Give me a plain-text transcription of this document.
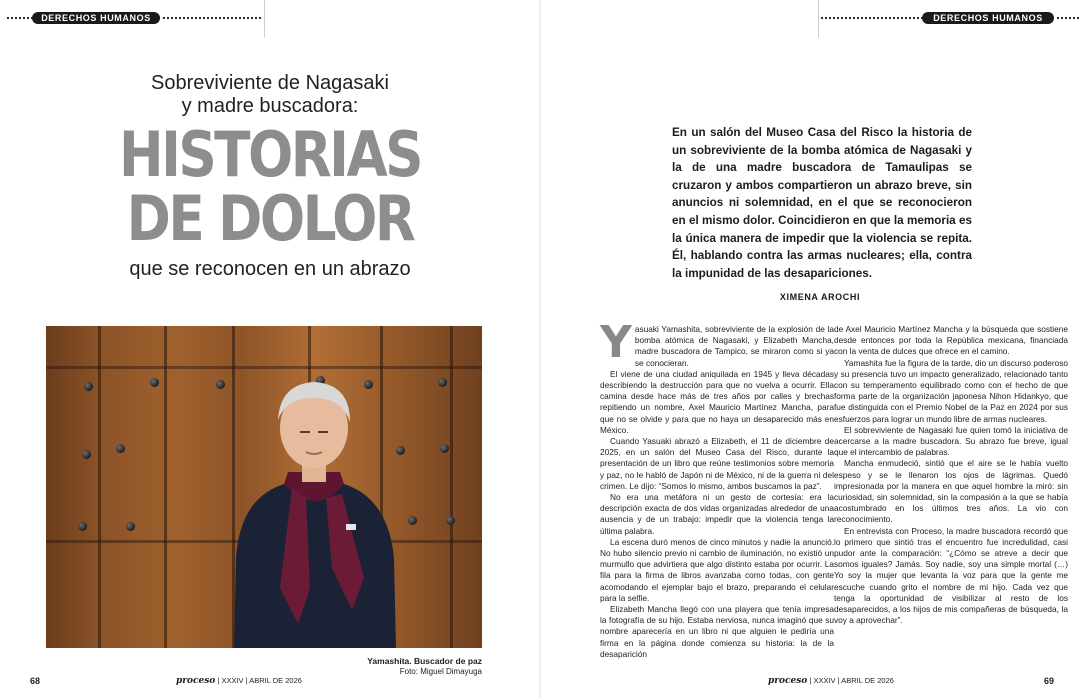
DERECHOS HUMANOS
Sobreviviente de Nagasaki
y madre buscadora:
HISTORIAS
DE DOLOR
que se reconocen en un abrazo
Yamashita. Buscador de paz
Foto: Miguel Dimayuga
68	proceso | XXXIV | ABRIL DE 2026
DERECHOS HUMANOS
En un salón del Museo Casa del Risco la historia de un sobreviviente de la bomba atómica de Nagasaki y la de una madre buscadora de Tamaulipas se cruzaron y ambos compartieron un abrazo breve, sin anuncios ni solemnidad, en el que se reconocieron en el mismo dolor. Coincidieron en que la memoria es la única manera de impedir que la violencia se repita. Él, hablando contra las armas nucleares; ella, contra la impunidad de las desapariciones.
XIMENA AROCHI

Yasuaki Yamashita, sobreviviente de la explosión de la bomba atómica de Nagasaki, y Elizabeth Mancha, madre buscadora de Tampico, se miraron como si ya se conocieran.

El viene de una ciudad aniquilada en 1945 y lleva décadas describiendo la destrucción para que no vuelva a ocurrir. Ella camina desde hace más de tres años por calles y brechas repitiendo un nombre, Axel Mauricio Martínez Mancha, para que no se olvide y para que no haya un desaparecido más en México.

Cuando Yasuaki abrazó a Elizabeth, el 11 de diciembre de 2025, en un salón del Museo Casa del Risco, durante la presentación de un libro que reúne testimonios sobre memoria y paz, no le habló de Japón ni de México, ni de la guerra ni del crimen. Le dijo: “Somos lo mismo, ambos buscamos la paz”.

No era una metáfora ni un gesto de cortesía: era la descripción exacta de dos vidas organizadas alrededor de una ausencia y de un trabajo: impedir que la violencia tenga la última palabra.

La escena duró menos de cinco minutos y nadie la anunció. No hubo silencio previo ni cambio de iluminación, no existió un murmullo que advirtiera que algo distinto estaba por ocurrir. La fila para la firma de libros avanzaba como todas, con gente acomodando el ejemplar bajo el brazo, preparando el celular para la selfie.

Elizabeth Mancha llegó con una playera que tenía impresa la fotografía de su hijo. Estaba nerviosa, nunca imaginó que su nombre aparecería en un libro ni que alguien le pediría una firma en la página donde comienza su historia: la de la desaparición

de Axel Mauricio Martínez Mancha y la búsqueda que sostiene desde entonces por toda la República mexicana, financiada con la venta de dulces que ofrece en el camino.

Yamashita fue la figura de la tarde, dio un discurso poderoso y su presencia tuvo un impacto generalizado, relacionado tanto con su temperamento equilibrado como con el hecho de que forma parte de la organización japonesa Nihon Hidankyo, que fue distinguida con el Premio Nobel de la Paz en 2024 por sus esfuerzos para lograr un mundo libre de armas nucleares.

El sobreviviente de Nagasaki fue quien tomó la iniciativa de acercarse a la madre buscadora. Su abrazo fue breve, igual que el intercambio de palabras.

Mancha enmudeció, sintió que el aire se le había vuelto espeso y se le llenaron los ojos de lágrimas. Quedó impresionada por la manera en que aquel hombre la miró: sin curiosidad, sin solemnidad, sin la compasión a la que se había acostumbrado en los últimos tres años. La vio con reconocimiento.

En entrevista con Proceso, la madre buscadora recordó que lo primero que sintió tras el encuentro fue incredulidad, casi pudor ante la comparación: “¿Cómo se atreve a decir que somos iguales? Jamás. Soy nadie, soy una simple mortal (…) Yo soy la mujer que levanta la voz para que la gente me escuche cuando grito el nombre de mi hijo. Cada vez que tenga la oportunidad de visibilizar al resto de los desaparecidos, a los hijos de mis compañeras de búsqueda, la voy a aprovechar”.

proceso | XXXIV | ABRIL DE 2026	69
